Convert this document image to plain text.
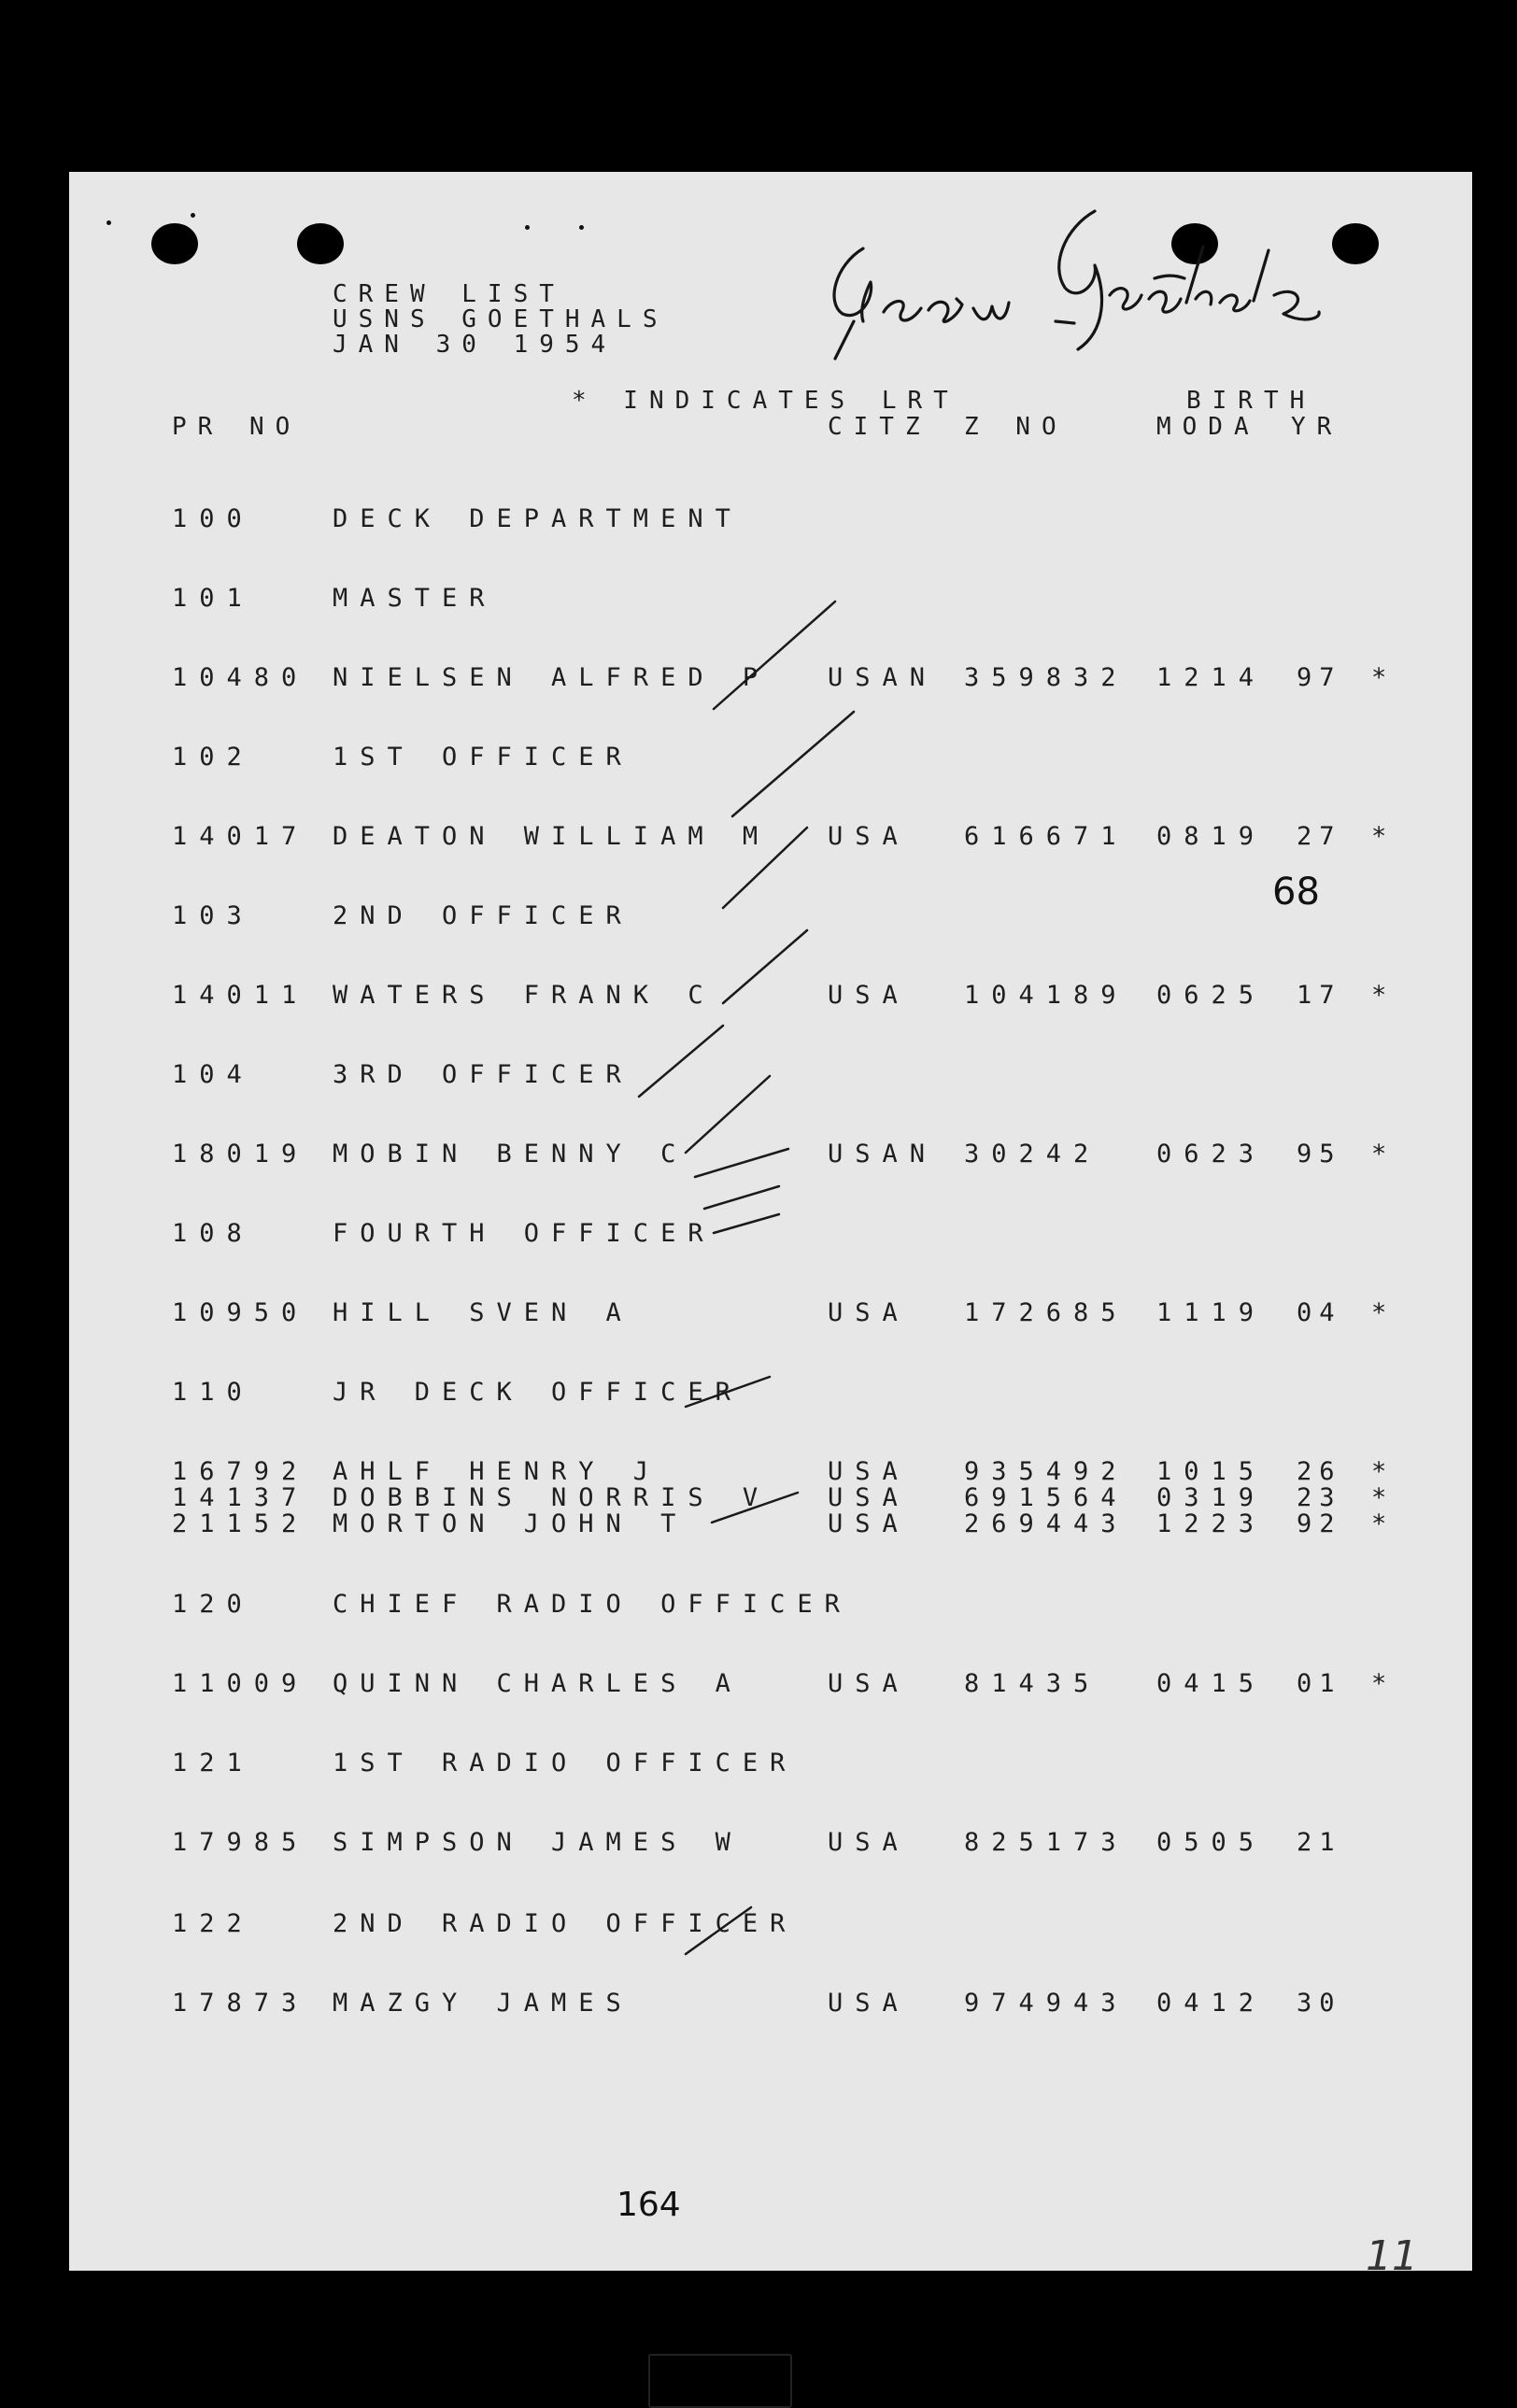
CREW LIST
USNS GOETHALS
JAN 30 1954
* INDICATES LRT	BIRTH
PR NO	CITZ Z NO	MODA YR
100	DECK DEPARTMENT
101	MASTER
10480 NIELSEN ALFRED P USAN 359832 1214 97 *
102	1ST OFFICER
14017 DEATON WILLIAM M USA 616671 0819 27 *
103	2ND OFFICER
14011 WATERS FRANK C	USA 104189 0625 17 *
104	3RD OFFICER
18019 MOBIN BENNY C	USAN 30242 0623 95 *
108	FOURTH OFFICER
10950 HILL SVEN A	USA 172685 1119 04 *
110	JR DECK OFFICER
16792 AHLF HENRY J	USA 935492 1015 26 *
14137 DOBBINS NORRIS V USA 691564 0319 23 *
21152 MORTON JOHN T	USA 269443 1223 92 *
120	CHIEF RADIO OFFICER
11009 QUINN CHARLES A	USA 81435 0415 01 *
121	1ST RADIO OFFICER
17985 SIMPSON JAMES W	USA 825173 0505 21
122	2ND RADIO OFFICER
17873 MAZGY JAMES	USA 974943 0412 30
68
164
11
